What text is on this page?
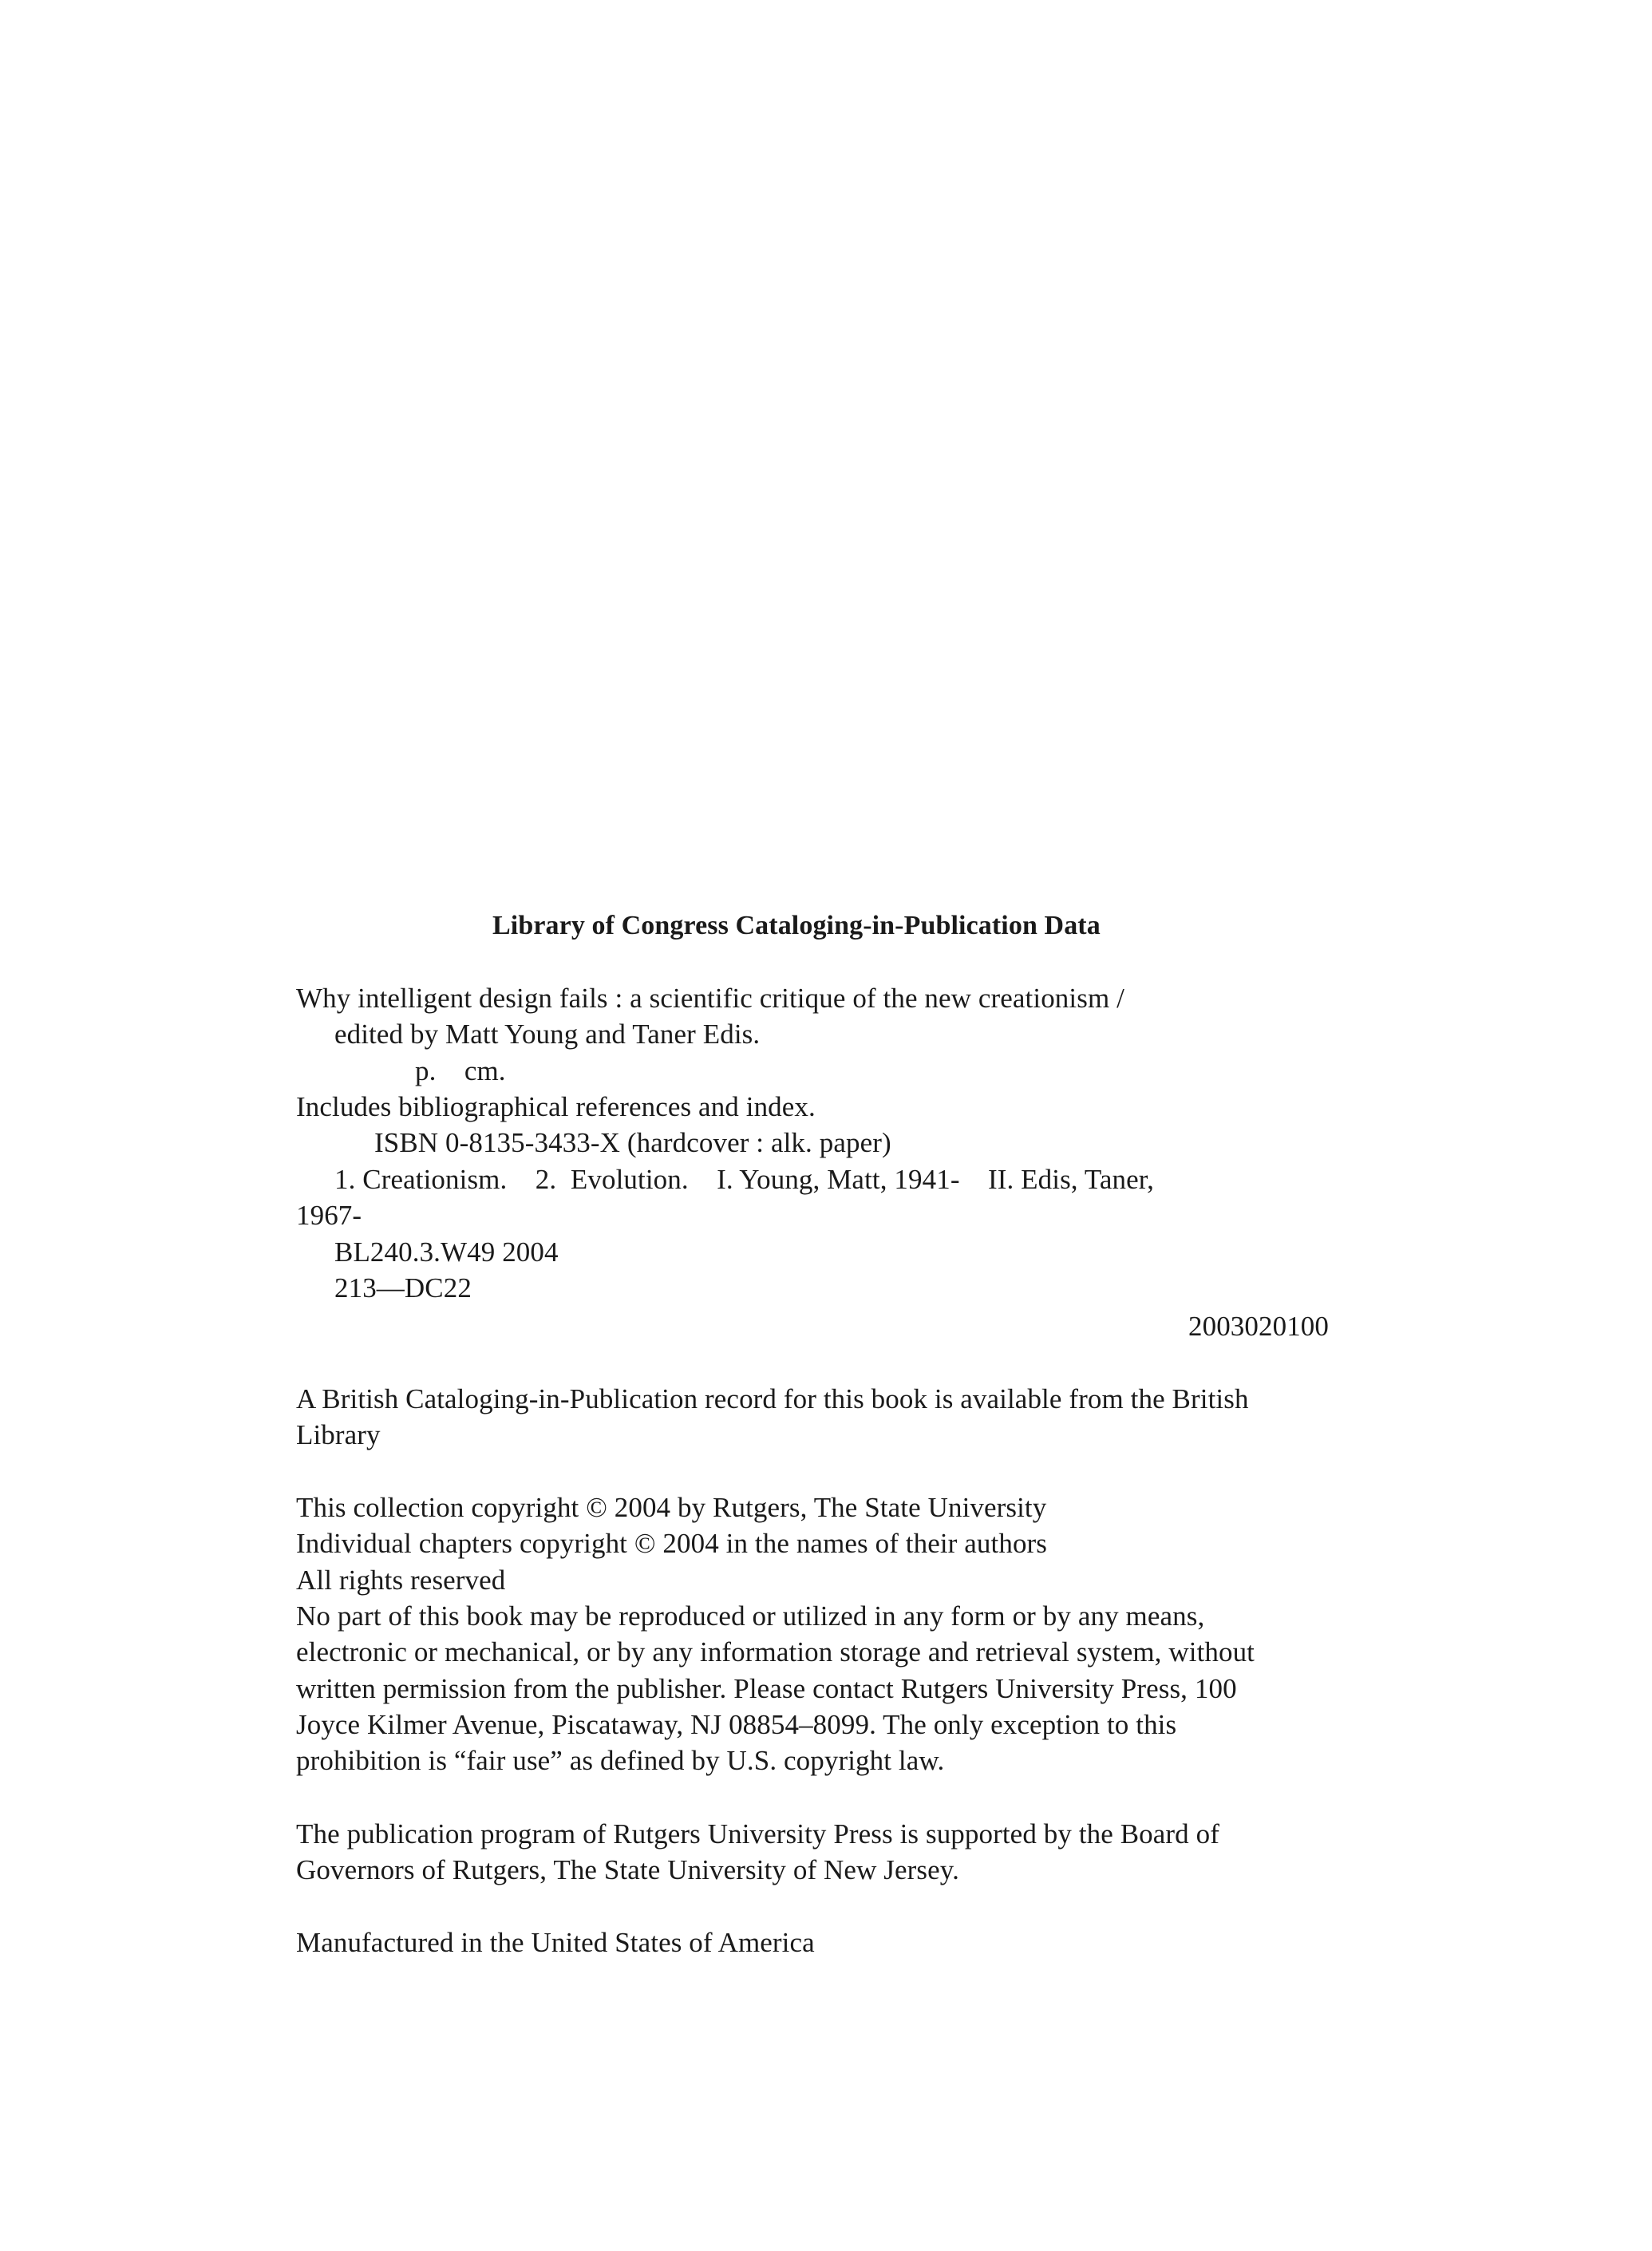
Library of Congress Cataloging-in-Publication Data
Why intelligent design fails : a scientific critique of the new creationism /
edited by Matt Young and Taner Edis.
p.    cm.
Includes bibliographical references and index.
ISBN 0-8135-3433-X (hardcover : alk. paper)
1. Creationism.    2.  Evolution.    I. Young, Matt, 1941-    II. Edis, Taner,
1967-
BL240.3.W49 2004
213—DC22
2003020100
A British Cataloging-in-Publication record for this book is available from the British
Library
This collection copyright © 2004 by Rutgers, The State University
Individual chapters copyright © 2004 in the names of their authors
All rights reserved
No part of this book may be reproduced or utilized in any form or by any means,
electronic or mechanical, or by any information storage and retrieval system, without
written permission from the publisher. Please contact Rutgers University Press, 100
Joyce Kilmer Avenue, Piscataway, NJ 08854–8099. The only exception to this
prohibition is “fair use” as defined by U.S. copyright law.
The publication program of Rutgers University Press is supported by the Board of
Governors of Rutgers, The State University of New Jersey.
Manufactured in the United States of America
